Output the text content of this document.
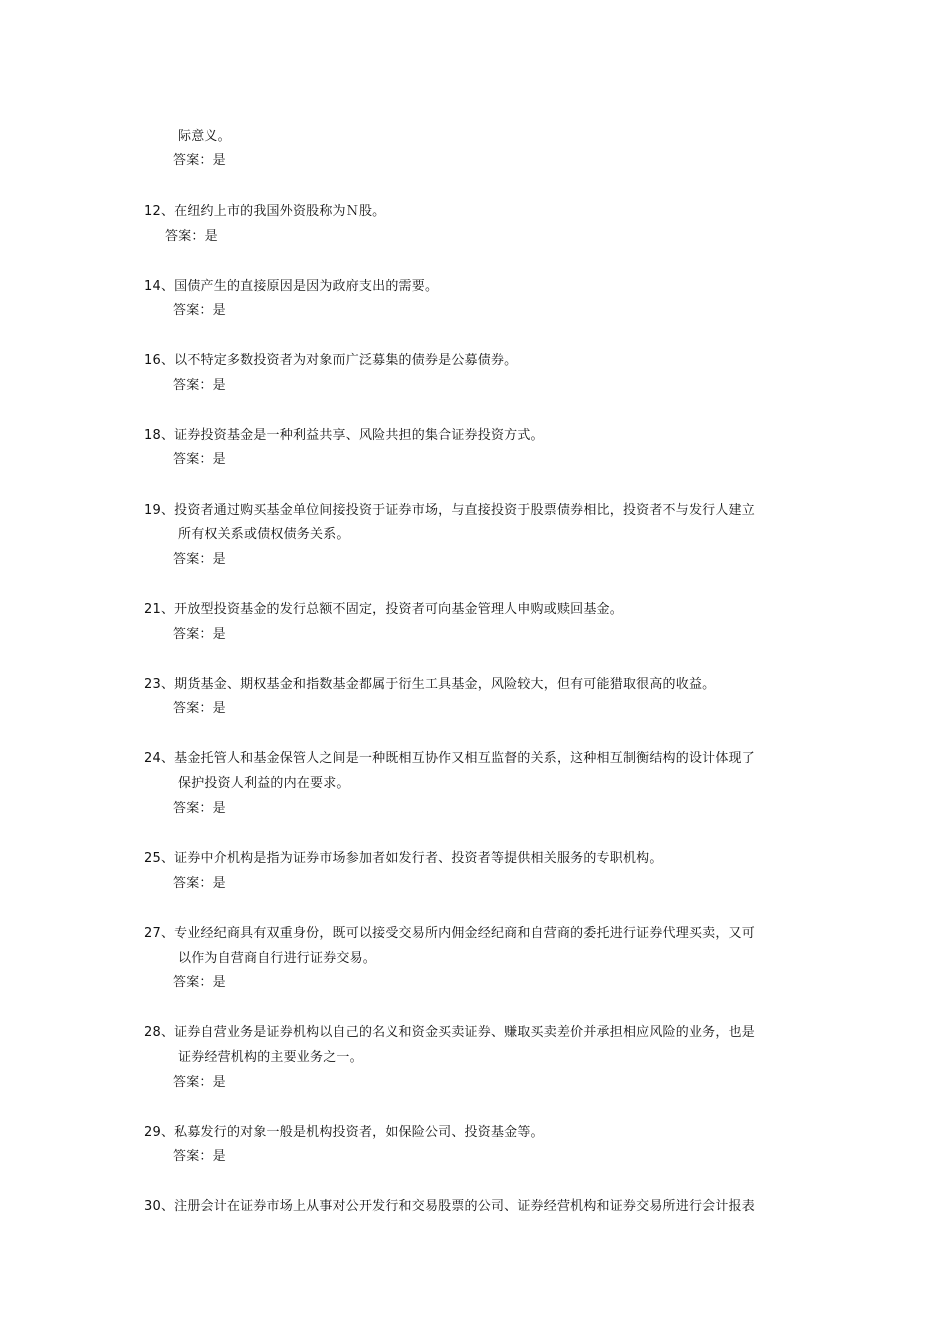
际意义。
答案：是
12、在纽约上市的我国外资股称为Ｎ股。
答案：是
14、国债产生的直接原因是因为政府支出的需要。
答案：是
16、以不特定多数投资者为对象而广泛募集的债券是公募债券。
答案：是
18、证券投资基金是一种利益共享、风险共担的集合证券投资方式。
答案：是
19、投资者通过购买基金单位间接投资于证券市场，与直接投资于股票债券相比，投资者不与发行人建立
所有权关系或债权债务关系。
答案：是
21、开放型投资基金的发行总额不固定，投资者可向基金管理人申购或赎回基金。
答案：是
23、期货基金、期权基金和指数基金都属于衍生工具基金，风险较大，但有可能猎取很高的收益。
答案：是
24、基金托管人和基金保管人之间是一种既相互协作又相互监督的关系，这种相互制衡结构的设计体现了
保护投资人利益的内在要求。
答案：是
25、证券中介机构是指为证券市场参加者如发行者、投资者等提供相关服务的专职机构。
答案：是
27、专业经纪商具有双重身份，既可以接受交易所内佣金经纪商和自营商的委托进行证券代理买卖，又可
以作为自营商自行进行证券交易。
答案：是
28、证券自营业务是证券机构以自己的名义和资金买卖证券、赚取买卖差价并承担相应风险的业务，也是
证券经营机构的主要业务之一。
答案：是
29、私募发行的对象一般是机构投资者，如保险公司、投资基金等。
答案：是
30、注册会计在证券市场上从事对公开发行和交易股票的公司、证券经营机构和证券交易所进行会计报表
